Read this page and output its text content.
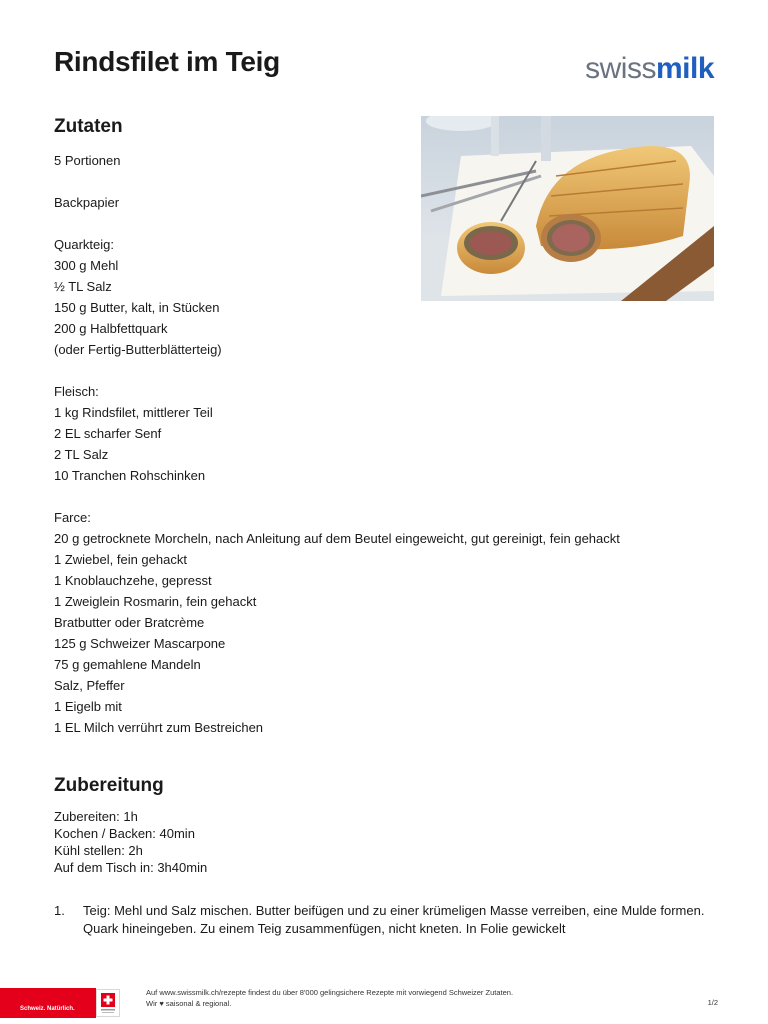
Rindsfilet im Teig	swissmilk
Zutaten
5 Portionen
Backpapier
Quarkteig:
300 g Mehl
½ TL Salz
150 g Butter, kalt, in Stücken
200 g Halbfettquark
(oder Fertig-Butterblätterteig)
Fleisch:
1 kg Rindsfilet, mittlerer Teil
2 EL scharfer Senf
2 TL Salz
10 Tranchen Rohschinken
Farce:
20 g getrocknete Morcheln, nach Anleitung auf dem Beutel eingeweicht, gut gereinigt, fein gehackt
1 Zwiebel, fein gehackt
1 Knoblauchzehe, gepresst
1 Zweiglein Rosmarin, fein gehackt
Bratbutter oder Bratcrème
125 g Schweizer Mascarpone
75 g gemahlene Mandeln
Salz, Pfeffer
1 Eigelb mit
1 EL Milch verrührt zum Bestreichen
Zubereitung
Zubereiten: 1h
Kochen / Backen: 40min
Kühl stellen: 2h
Auf dem Tisch in: 3h40min
1.	Teig: Mehl und Salz mischen. Butter beifügen und zu einer krümeligen Masse verreiben, eine Mulde formen. Quark hineingeben. Zu einem Teig zusammenfügen, nicht kneten. In Folie gewickelt
Schweiz. Natürlich.
Auf www.swissmilk.ch/rezepte findest du über 8'000 gelingsichere Rezepte mit vorwiegend Schweizer Zutaten.
Wir ♥ saisonal & regional.	1/2
